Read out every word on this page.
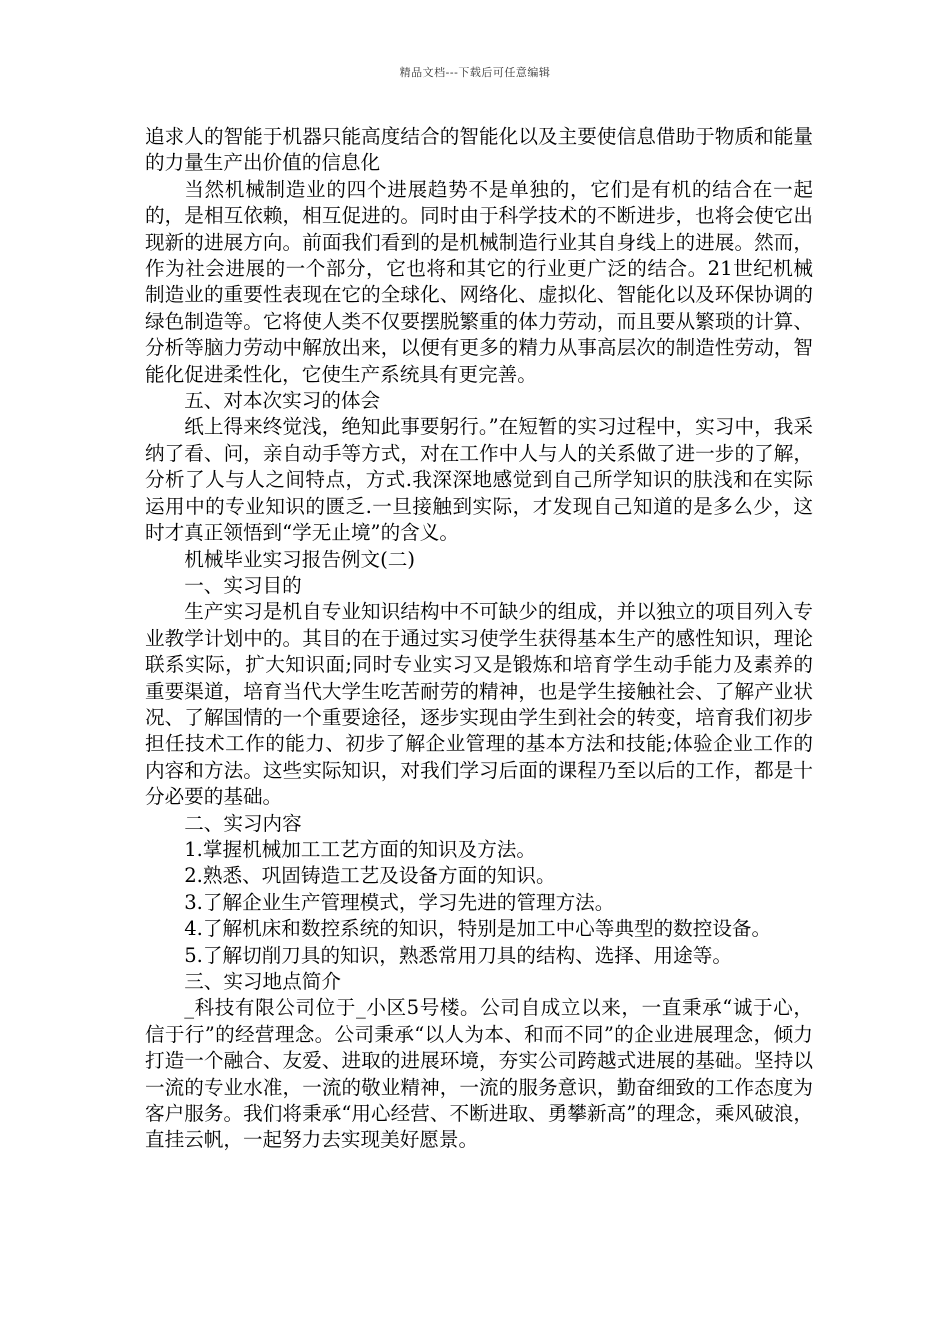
精品文档---下载后可任意编辑

追求人的智能于机器只能高度结合的智能化以及主要使信息借助于物质和能量的力量生产出价值的信息化

当然机械制造业的四个进展趋势不是单独的，它们是有机的结合在一起的，是相互依赖，相互促进的。同时由于科学技术的不断进步，也将会使它出现新的进展方向。前面我们看到的是机械制造行业其自身线上的进展。然而，作为社会进展的一个部分，它也将和其它的行业更广泛的结合。21世纪机械制造业的重要性表现在它的全球化、网络化、虚拟化、智能化以及环保协调的绿色制造等。它将使人类不仅要摆脱繁重的体力劳动，而且要从繁琐的计算、分析等脑力劳动中解放出来，以便有更多的精力从事高层次的制造性劳动，智能化促进柔性化，它使生产系统具有更完善。

五、对本次实习的体会

纸上得来终觉浅，绝知此事要躬行。”在短暂的实习过程中，实习中，我采纳了看、问，亲自动手等方式，对在工作中人与人的关系做了进一步的了解，分析了人与人之间特点，方式.我深深地感觉到自己所学知识的肤浅和在实际运用中的专业知识的匮乏.一旦接触到实际，才发现自己知道的是多么少，这时才真正领悟到“学无止境”的含义。

机械毕业实习报告例文(二)

一、实习目的

生产实习是机自专业知识结构中不可缺少的组成，并以独立的项目列入专业教学计划中的。其目的在于通过实习使学生获得基本生产的感性知识，理论联系实际，扩大知识面;同时专业实习又是锻炼和培育学生动手能力及素养的重要渠道，培育当代大学生吃苦耐劳的精神，也是学生接触社会、了解产业状况、了解国情的一个重要途径，逐步实现由学生到社会的转变，培育我们初步担任技术工作的能力、初步了解企业管理的基本方法和技能;体验企业工作的内容和方法。这些实际知识，对我们学习后面的课程乃至以后的工作，都是十分必要的基础。

二、实习内容

1.掌握机械加工工艺方面的知识及方法。

2.熟悉、巩固铸造工艺及设备方面的知识。

3.了解企业生产管理模式，学习先进的管理方法。

4.了解机床和数控系统的知识，特别是加工中心等典型的数控设备。

5.了解切削刀具的知识，熟悉常用刀具的结构、选择、用途等。

三、实习地点简介

_科技有限公司位于_小区5号楼。公司自成立以来，一直秉承“诚于心，信于行”的经营理念。公司秉承“以人为本、和而不同”的企业进展理念，倾力打造一个融合、友爱、进取的进展环境，夯实公司跨越式进展的基础。坚持以一流的专业水准，一流的敬业精神，一流的服务意识，勤奋细致的工作态度为客户服务。我们将秉承“用心经营、不断进取、勇攀新高”的理念，乘风破浪，直挂云帆，一起努力去实现美好愿景。
